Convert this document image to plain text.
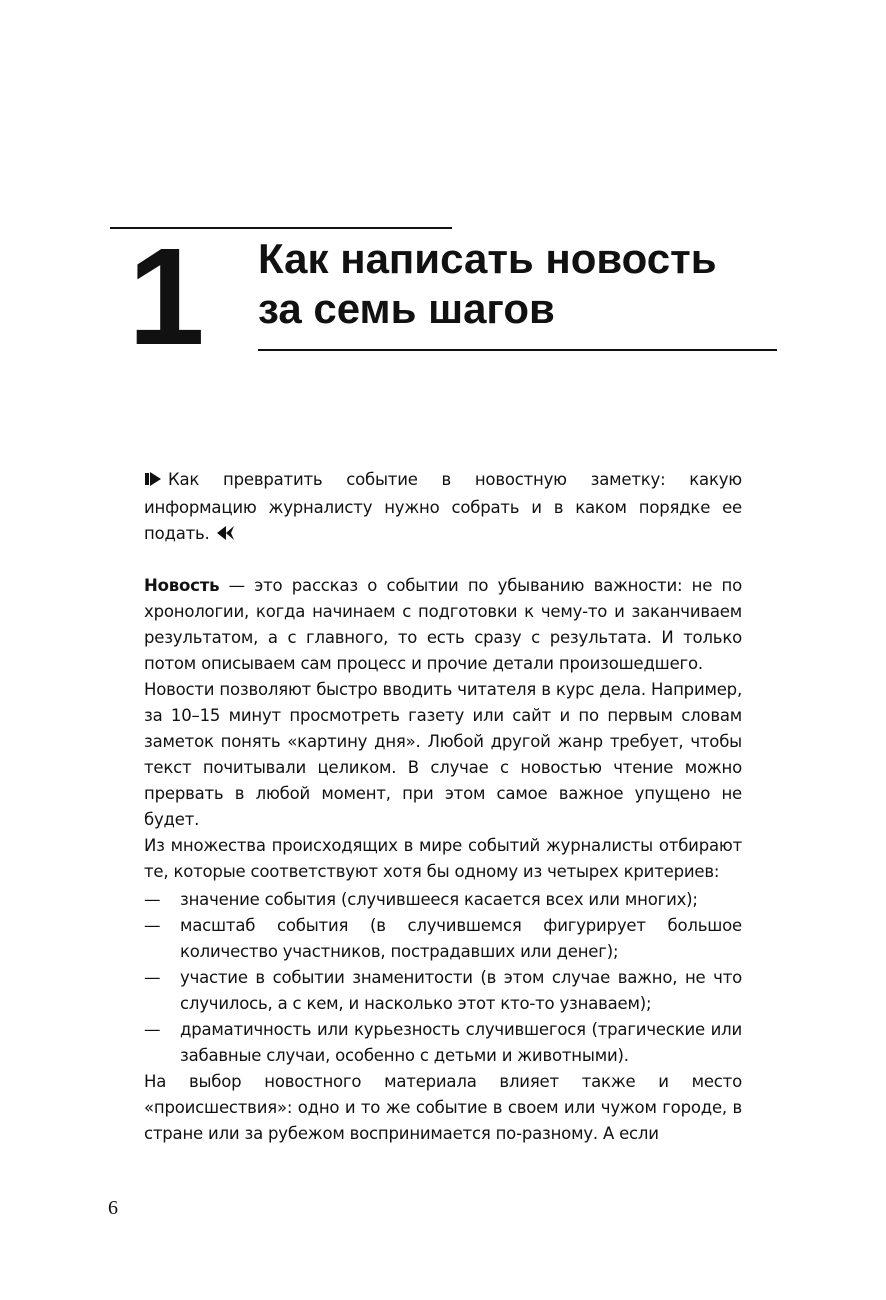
1 Как написать новость
за семь шагов

Как превратить событие в новостную заметку: какую информацию журналисту нужно собрать и в каком порядке ее подать.

Новость — это рассказ о событии по убыванию важности: не по хронологии, когда начинаем с подготовки к чему-то и заканчиваем результатом, а с главного, то есть сразу с результата. И только потом описываем сам процесс и прочие детали произошедшего.

Новости позволяют быстро вводить читателя в курс дела. Например, за 10–15 минут просмотреть газету или сайт и по первым словам заметок понять «картину дня». Любой другой жанр требует, чтобы текст почитывали целиком. В случае с новостью чтение можно прервать в любой момент, при этом самое важное упущено не будет.

Из множества происходящих в мире событий журналисты отбирают те, которые соответствуют хотя бы одному из четырех критериев:

— значение события (случившееся касается всех или многих);
— масштаб события (в случившемся фигурирует большое количество участников, пострадавших или денег);
— участие в событии знаменитости (в этом случае важно, не что случилось, а с кем, и насколько этот кто-то узнаваем);
— драматичность или курьезность случившегося (трагические или забавные случаи, особенно с детьми и животными).

На выбор новостного материала влияет также и место «происшествия»: одно и то же событие в своем или чужом городе, в стране или за рубежом воспринимается по-разному. А если

6
